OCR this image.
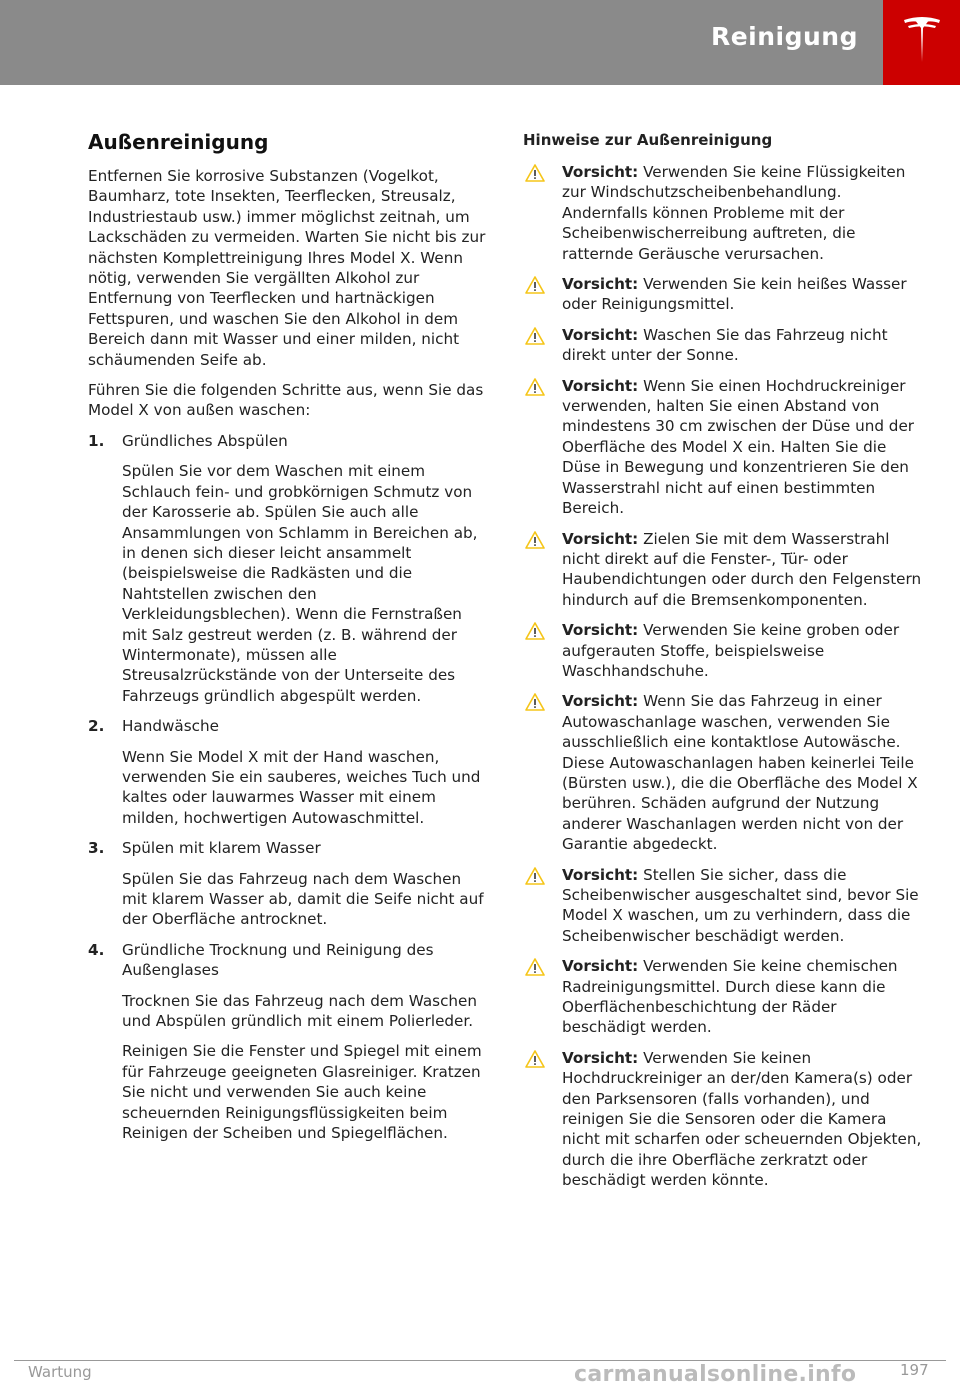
Reinigung
Außenreinigung

Entfernen Sie korrosive Substanzen (Vogelkot, Baumharz, tote Insekten, Teerflecken, Streusalz, Industriestaub usw.) immer möglichst zeitnah, um Lackschäden zu vermeiden. Warten Sie nicht bis zur nächsten Komplettreinigung Ihres Model X. Wenn nötig, verwenden Sie vergällten Alkohol zur Entfernung von Teerflecken und hartnäckigen Fettspuren, und waschen Sie den Alkohol in dem Bereich dann mit Wasser und einer milden, nicht schäumenden Seife ab.

Führen Sie die folgenden Schritte aus, wenn Sie das Model X von außen waschen:

1. Gründliches Abspülen
Spülen Sie vor dem Waschen mit einem Schlauch fein- und grobkörnigen Schmutz von der Karosserie ab. Spülen Sie auch alle Ansammlungen von Schlamm in Bereichen ab, in denen sich dieser leicht ansammelt (beispielsweise die Radkästen und die Nahtstellen zwischen den Verkleidungsblechen). Wenn die Fernstraßen mit Salz gestreut werden (z. B. während der Wintermonate), müssen alle Streusalzrückstände von der Unterseite des Fahrzeugs gründlich abgespült werden.
2. Handwäsche
Wenn Sie Model X mit der Hand waschen, verwenden Sie ein sauberes, weiches Tuch und kaltes oder lauwarmes Wasser mit einem milden, hochwertigen Autowaschmittel.
3. Spülen mit klarem Wasser
Spülen Sie das Fahrzeug nach dem Waschen mit klarem Wasser ab, damit die Seife nicht auf der Oberfläche antrocknet.
4. Gründliche Trocknung und Reinigung des Außenglases
Trocknen Sie das Fahrzeug nach dem Waschen und Abspülen gründlich mit einem Polierleder.
Reinigen Sie die Fenster und Spiegel mit einem für Fahrzeuge geeigneten Glasreiniger. Kratzen Sie nicht und verwenden Sie auch keine scheuernden Reinigungsflüssigkeiten beim Reinigen der Scheiben und Spiegelflächen.
Hinweise zur Außenreinigung
Vorsicht: Verwenden Sie keine Flüssigkeiten zur Windschutzscheibenbehandlung. Andernfalls können Probleme mit der Scheibenwischerreibung auftreten, die ratternde Geräusche verursachen.
Vorsicht: Verwenden Sie kein heißes Wasser oder Reinigungsmittel.
Vorsicht: Waschen Sie das Fahrzeug nicht direkt unter der Sonne.
Vorsicht: Wenn Sie einen Hochdruckreiniger verwenden, halten Sie einen Abstand von mindestens 30 cm zwischen der Düse und der Oberfläche des Model X ein. Halten Sie die Düse in Bewegung und konzentrieren Sie den Wasserstrahl nicht auf einen bestimmten Bereich.
Vorsicht: Zielen Sie mit dem Wasserstrahl nicht direkt auf die Fenster-, Tür- oder Haubendichtungen oder durch den Felgenstern hindurch auf die Bremsenkomponenten.
Vorsicht: Verwenden Sie keine groben oder aufgerauten Stoffe, beispielsweise Waschhandschuhe.
Vorsicht: Wenn Sie das Fahrzeug in einer Autowaschanlage waschen, verwenden Sie ausschließlich eine kontaktlose Autowäsche. Diese Autowaschanlagen haben keinerlei Teile (Bürsten usw.), die die Oberfläche des Model X berühren. Schäden aufgrund der Nutzung anderer Waschanlagen werden nicht von der Garantie abgedeckt.
Vorsicht: Stellen Sie sicher, dass die Scheibenwischer ausgeschaltet sind, bevor Sie Model X waschen, um zu verhindern, dass die Scheibenwischer beschädigt werden.
Vorsicht: Verwenden Sie keine chemischen Radreinigungsmittel. Durch diese kann die Oberflächenbeschichtung der Räder beschädigt werden.
Vorsicht: Verwenden Sie keinen Hochdruckreiniger an der/den Kamera(s) oder den Parksensoren (falls vorhanden), und reinigen Sie die Sensoren oder die Kamera nicht mit scharfen oder scheuernden Objekten, durch die ihre Oberfläche zerkratzt oder beschädigt werden könnte.
Wartung	carmanualsonline.info	197
